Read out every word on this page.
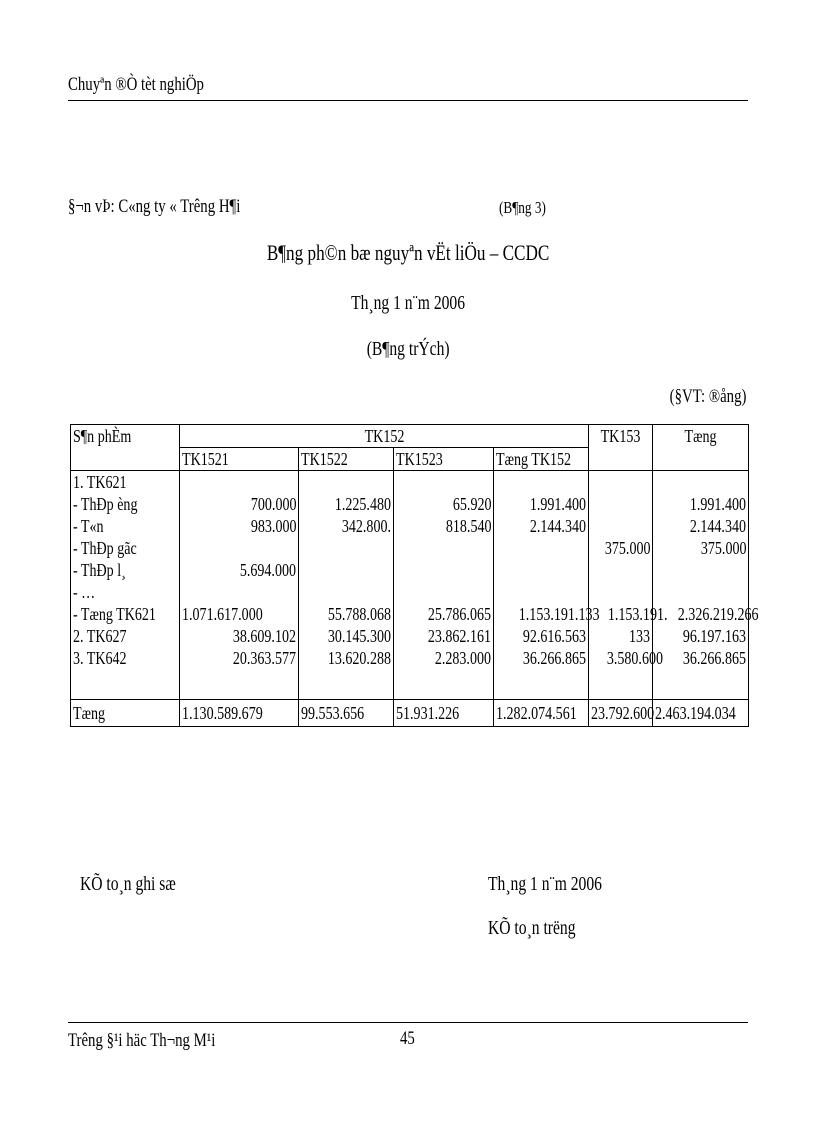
Chuyªn ®Ò tèt nghiÖp
§¬n vÞ: C«ng ty « Trêng H¶i	(B¶ng 3)
B¶ng ph©n bæ nguyªn vËt liÖu – CCDC
Th¸ng 1 n¨m 2006
(B¶ng trÝch)
(§VT: ®ång)
S¶n phÈm	TK152				TK153	Tæng
	TK1521	TK1522	TK1523	Tæng TK152		
1. TK621						
- ThÐp èng	700.000	1.225.480	65.920	1.991.400		1.991.400
- T«n	983.000	342.800.	818.540	2.144.340		2.144.340
- ThÐp gãc					375.000	375.000
- ThÐp l¸	5.694.000					
- …						
- Tæng TK621	1.071.617.000	55.788.068	25.786.065	1.153.191.133	1.153.191.	2.326.219.266
2. TK627	38.609.102	30.145.300	23.862.161	92.616.563	133	96.197.163
3. TK642	20.363.577	13.620.288	2.283.000	36.266.865	3.580.600	36.266.865

Tæng	1.130.589.679	99.553.656	51.931.226	1.282.074.561	23.792.600	2.463.194.034
KÕ to¸n ghi sæ	Th¸ng 1 n¨m 2006
KÕ to¸n trëng
Trêng §¹i häc Th¬ng M¹i	45
